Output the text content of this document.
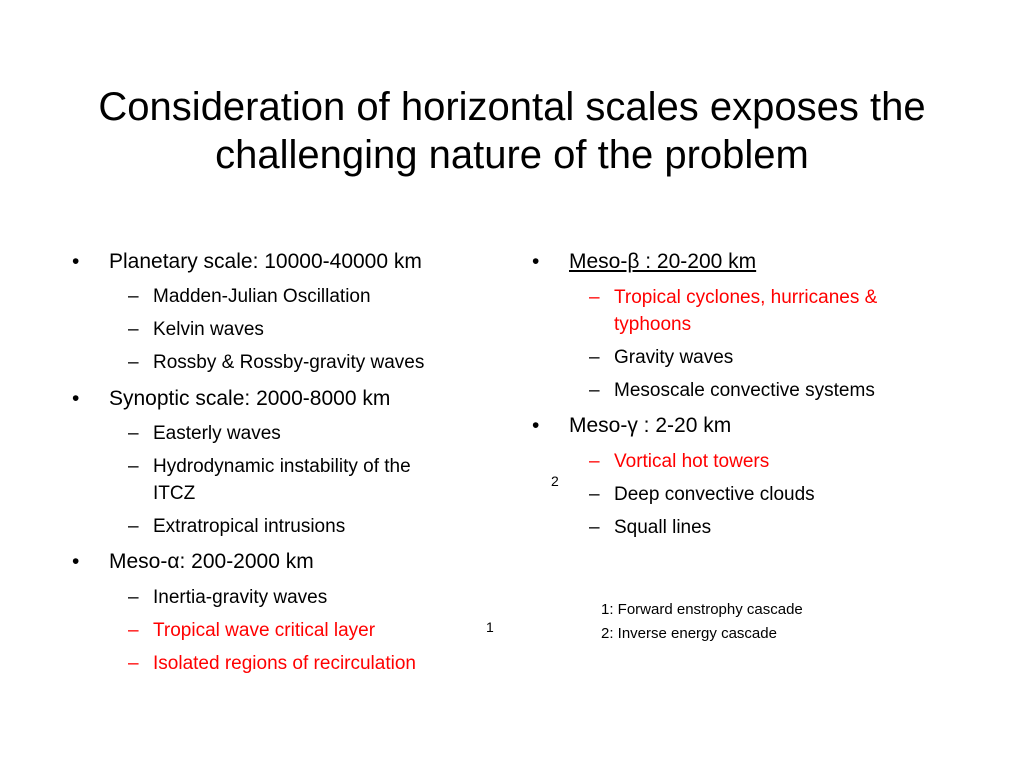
Consideration of horizontal scales exposes the
challenging nature of the problem
• Planetary scale: 10000-40000 km
– Madden-Julian Oscillation
– Kelvin waves
– Rossby & Rossby-gravity waves
• Synoptic scale: 2000-8000 km
– Easterly waves
– Hydrodynamic instability of the
ITCZ
– Extratropical intrusions
• Meso-α: 200-2000 km
– Inertia-gravity waves
– Tropical wave critical layer
– Isolated regions of recirculation
1
• Meso-β : 20-200 km
– Tropical cyclones, hurricanes &
typhoons
– Gravity waves
– Mesoscale convective systems
• Meso-γ : 2-20 km
– Vortical hot towers
– Deep convective clouds
– Squall lines
2
1: Forward enstrophy cascade
2: Inverse energy cascade
